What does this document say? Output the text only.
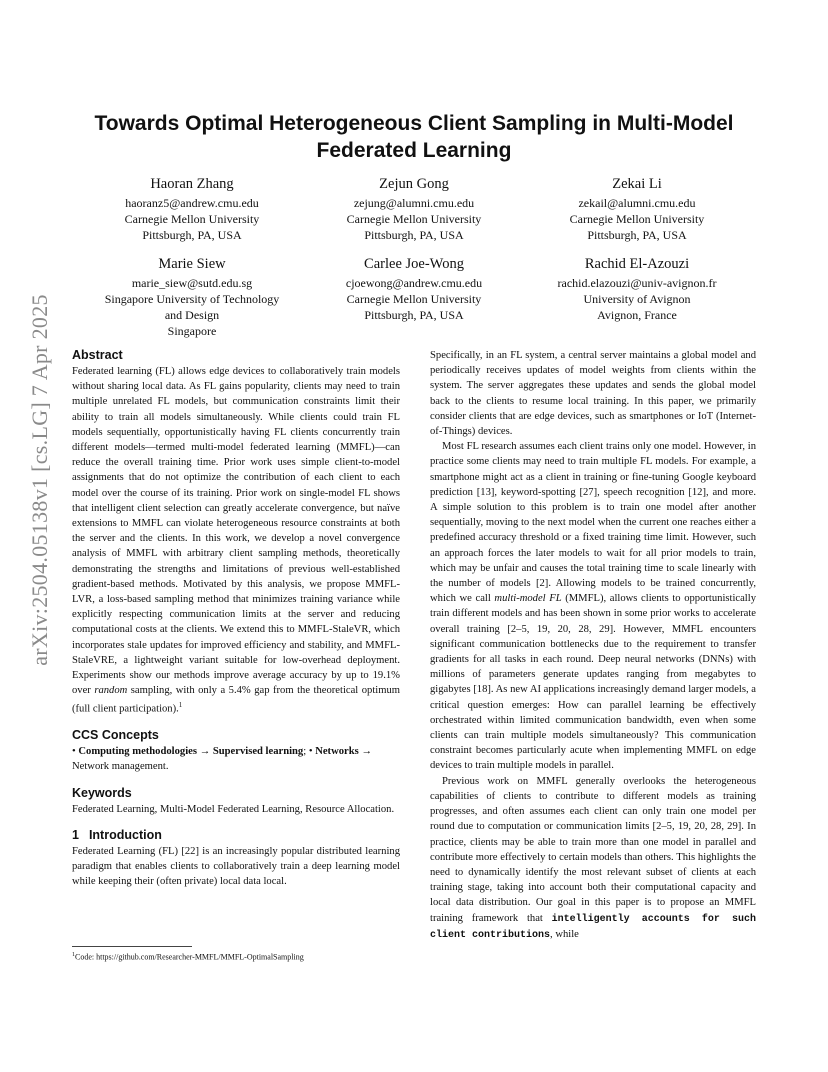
arXiv:2504.05138v1 [cs.LG] 7 Apr 2025
Towards Optimal Heterogeneous Client Sampling in Multi-Model Federated Learning
Haoran Zhang
haoranz5@andrew.cmu.edu
Carnegie Mellon University
Pittsburgh, PA, USA
Zejun Gong
zejung@alumni.cmu.edu
Carnegie Mellon University
Pittsburgh, PA, USA
Zekai Li
zekail@alumni.cmu.edu
Carnegie Mellon University
Pittsburgh, PA, USA
Marie Siew
marie_siew@sutd.edu.sg
Singapore University of Technology
and Design
Singapore
Carlee Joe-Wong
cjoewong@andrew.cmu.edu
Carnegie Mellon University
Pittsburgh, PA, USA
Rachid El-Azouzi
rachid.elazouzi@univ-avignon.fr
University of Avignon
Avignon, France
Abstract

Federated learning (FL) allows edge devices to collaboratively train models without sharing local data. As FL gains popularity, clients may need to train multiple unrelated FL models, but communication constraints limit their ability to train all models simultaneously. While clients could train FL models sequentially, opportunistically having FL clients concurrently train different models—termed multi-model federated learning (MMFL)—can reduce the overall training time. Prior work uses simple client-to-model assignments that do not optimize the contribution of each client to each model over the course of its training. Prior work on single-model FL shows that intelligent client selection can greatly accelerate convergence, but naïve extensions to MMFL can violate heterogeneous resource constraints at both the server and the clients. In this work, we develop a novel convergence analysis of MMFL with arbitrary client sampling methods, theoretically demonstrating the strengths and limitations of previous well-established gradient-based methods. Motivated by this analysis, we propose MMFL-LVR, a loss-based sampling method that minimizes training variance while explicitly respecting communication limits at the server and reducing computational costs at the clients. We extend this to MMFL-StaleVR, which incorporates stale updates for improved efficiency and stability, and MMFL-StaleVRE, a lightweight variant suitable for low-overhead deployment. Experiments show our methods improve average accuracy by up to 19.1% over random sampling, with only a 5.4% gap from the theoretical optimum (full client participation).$^1$

CCS Concepts

• Computing methodologies → Supervised learning; • Networks → Network management.

Keywords

Federated Learning, Multi-Model Federated Learning, Resource Allocation.

1 Introduction

Federated Learning (FL) [22] is an increasingly popular distributed learning paradigm that enables clients to collaboratively train a deep learning model while keeping their (often private) local data local.

$^1$Code: https://github.com/Researcher-MMFL/MMFL-OptimalSampling

Specifically, in an FL system, a central server maintains a global model and periodically receives updates of model weights from clients within the system. The server aggregates these updates and sends the global model back to the clients to resume local training. In this paper, we primarily consider clients that are edge devices, such as smartphones or IoT (Internet-of-Things) devices.

Most FL research assumes each client trains only one model. However, in practice some clients may need to train multiple FL models. For example, a smartphone might act as a client in training or fine-tuning Google keyboard prediction [13], keyword-spotting [27], speech recognition [12], and more. A simple solution to this problem is to train one model after another sequentially, moving to the next model when the current one reaches either a predefined accuracy threshold or a fixed training time limit. However, such an approach forces the later models to wait for all prior models to train, which may be unfair and causes the total training time to scale linearly with the number of models [2]. Allowing models to be trained concurrently, which we call multi-model FL (MMFL), allows clients to opportunistically train different models and has been shown in some prior works to accelerate overall training [2–5, 19, 20, 28, 29]. However, MMFL encounters significant communication bottlenecks due to the requirement to transfer gradients for all tasks in each round. Deep neural networks (DNNs) with millions of parameters generate updates ranging from megabytes to gigabytes [18]. As new AI applications increasingly demand larger models, a critical question emerges: How can parallel learning be effectively orchestrated within limited communication bandwidth, even when some clients can train multiple models simultaneously? This communication constraint becomes particularly acute when implementing MMFL on edge devices to train multiple models in parallel.

Previous work on MMFL generally overlooks the heterogeneous capabilities of clients to contribute to different models as training progresses, and often assumes each client can only train one model per round due to computation or communication limits [2–5, 19, 20, 28, 29]. In practice, clients may be able to train more than one model in parallel and contribute more effectively to certain models than others. This highlights the need to dynamically identify the most relevant subset of clients at each training stage, taking into account both their computational capacity and local data distribution. Our goal in this paper is to propose an MMFL training framework that intelligently accounts for such client contributions, while
